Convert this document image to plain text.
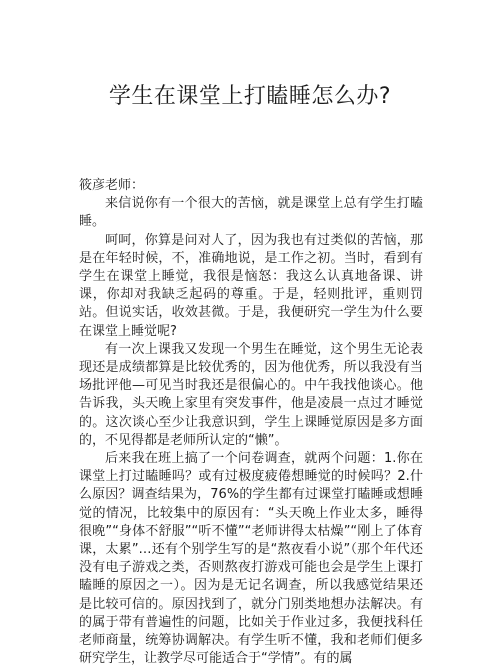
学生在课堂上打瞌睡怎么办?

筱彦老师：

来信说你有一个很大的苦恼，就是课堂上总有学生打瞌睡。

呵呵，你算是问对人了，因为我也有过类似的苦恼，那是在年轻时候，不，准确地说，是工作之初。当时，看到有学生在课堂上睡觉，我很是恼怒：我这么认真地备课、讲课，你却对我缺乏起码的尊重。于是，轻则批评，重则罚站。但说实话，收效甚微。于是，我便研究一学生为什么要在课堂上睡觉呢?

有一次上课我又发现一个男生在睡觉，这个男生无论表现还是成绩都算是比较优秀的，因为他优秀，所以我没有当场批评他—可见当时我还是很偏心的。中午我找他谈心。他告诉我，头天晚上家里有突发事件，他是凌晨一点过才睡觉的。这次谈心至少让我意识到，学生上课睡觉原因是多方面的，不见得都是老师所认定的“懒”。

后来我在班上搞了一个问卷调查，就两个问题：1.你在课堂上打过瞌睡吗？或有过极度疲倦想睡觉的时候吗？2.什么原因？调查结果为，76%的学生都有过课堂打瞌睡或想睡觉的情况，比较集中的原因有：“头天晚上作业太多，睡得很晚”“身体不舒服”“听不懂”“老师讲得太枯燥”“刚上了体育课，太累”…还有个别学生写的是“熬夜看小说”（那个年代还没有电子游戏之类，否则熬夜打游戏可能也会是学生上课打瞌睡的原因之一）。因为是无记名调查，所以我感觉结果还是比较可信的。原因找到了，就分门别类地想办法解决。有的属于带有普遍性的问题，比如关于作业过多，我便找科任老师商量，统筹协调解决。有学生听不懂，我和老师们便多研究学生，让教学尽可能适合于“学情”。有的属
